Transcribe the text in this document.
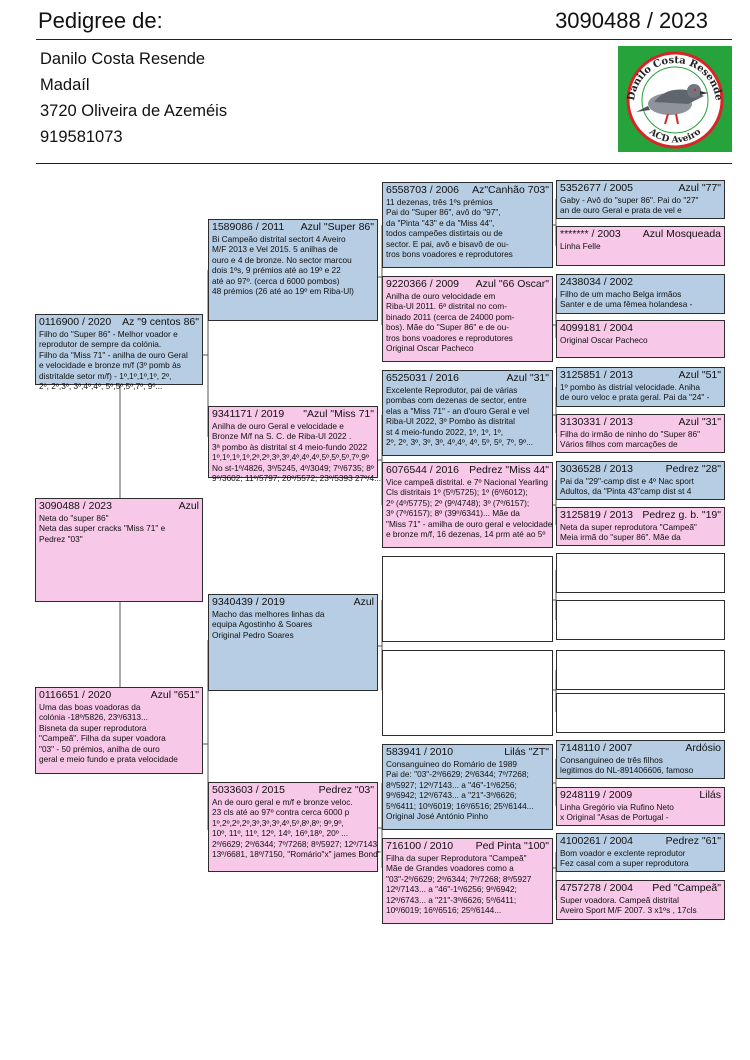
Pedigree de:	3090488 / 2023
Danilo Costa Resende
Madaíl
3720 Oliveira de Azeméis
919581073
Danilo Costa Resende
ACD Aveiro
0116900 / 2020	Az "9 centos 86"
Filho do "Super 86" - Melhor voador e
reprodutor de sempre da colónia.
Filho da "Miss 71" - anilha de ouro Geral
e velocidade e bronze m/f (3º pomb às
distritalde setor m/f) - 1º,1º,1º,1º, 2º,
2º, 2º,3º, 3º,4º,4º, 5º,5º,5º,7º, 9º...
3090488 / 2023	Azul
Neta do "super 86"
Neta das super cracks "Miss 71" e
Pedrez "03"
0116651 / 2020	Azul "651"
Uma das boas voadoras da
colónia -18º/5826, 23º/6313...
Bisneta da super reprodutora
"Campeã". Filha da super voadora
"03" - 50 prémios, anilha de ouro
geral e meio fundo e prata velocidade
1589086 / 2011	Azul "Super 86"
Bi Campeão distrital sectort 4 Aveiro
M/F 2013 e Vel 2015. 5 anilhas de
ouro e 4 de bronze. No sector marcou
dois 1ºs, 9 prémios até ao 19º e 22
até ao 97º. (cerca d 6000 pombos)
48 prémios (26 até ao 19º em Riba-Ul)
9341171 / 2019	"Azul "Miss 71"
Anilha de ouro Geral e velocidade e
Bronze M/f na S. C. de Riba-Ul 2022 .
3ª pombo às distrital st 4 meio-fundo 2022
1º,1º,1º,1º,2º,2º,3º,3º,4º,4º,4º,5º,5º,5º,7º,9º
No st-1º/4826, 3º/5245, 4º/3049; 7º/6735; 8º
9º/3602; 11º/5797; 20º/5572; 23º/5393 27º/4...
9340439 / 2019	Azul
Macho das melhores linhas da
equipa Agostinho & Soares
Original Pedro Soares
5033603 / 2015	Pedrez "03"
An de ouro geral e m/f e bronze veloc.
23 cls até ao 97º contra cerca 6000 p
1º,2º,2º,2º,3º,3º,3º,4º,5º,8º,8º; 9º,9º,
10º, 11º, 11º, 12º, 14º, 16º,18º, 20º ...
2º/6629; 2º/6344; 7º/7268; 8º/5927; 12º/7143
13º/6681, 18º/7150, "Romário"x" james Bond"
6558703 / 2006	Az"Canhão 703"
11 dezenas, três 1ºs prémios
Pai do "Super 86", avô do "97",
da "Pinta "43" e da "Miss 44",
todos campeões distirtais ou de
sector. E pai, avô e bisavô de ou-
tros bons voadores e reprodutores
9220366 / 2009	Azul "66 Oscar"
Anilha de ouro velocidade em
Riba-Ul 2011. 6ª distrital no com-
binado 2011 (cerca de 24000 pom-
bos). Mãe do "Super 86" e de ou-
tros bons voadores e reprodutores
Original Oscar Pacheco
6525031 / 2016	Azul "31"
Excelente Reprodutor, pai de várias
pombas com dezenas de sector, entre
elas a "Miss 71" - an d'ouro Geral e vel
Riba-Ul 2022, 3º Pombo às distrital
st 4 meio-fundo 2022, 1º, 1º, 1º,
2º, 2º, 3º, 3º, 3º, 4º,4º, 4º, 5º, 5º, 7º, 9º...
6076544 / 2016 Pedrez "Miss 44"
Vice campeã distrital. e 7º Nacional Yearling
Cls distritais 1º (5º/5725); 1º (6º/6012);
2º (4º/5775); 2º (9º/4748); 3º (7º/6157);
3º (7º/6157); 8º (39º/6341)... Mãe da
"Miss 71" - amilha de ouro geral e velocidade
e bronze m/f, 16 dezenas, 14 prm até ao 5º
583941 / 2010	Lilás "ZT"
Consanguineo do Romário de 1989
Pai de: "03"-2º/6629; 2º/6344; 7º/7268;
8º/5927; 12º/7143... a "46"-1º/6256;
9º/6942; 12º/6743... a "21"-3º/6626;
5º/6411; 10º/6019; 16º/6516; 25º/6144...
Original José António Pinho
716100 / 2010	Ped Pinta "100"
Filha da super Reprodutora "Campeã"
Mãe de Grandes voadores como a
"03"-2º/6629; 2º/6344; 7º/7268; 8º/5927
12º/7143... a "46"-1º/6256; 9º/6942;
12º/6743... a "21"-3º/6626; 5º/6411;
10º/6019; 16º/6516; 25º/6144...
5352677 / 2005	Azul "77"
Gaby - Avô do "super 86". Pai do "27"
an de ouro Geral e prata de vel e
******* / 2003	Azul Mosqueada
Linha Felle
2438034 / 2002
Filho de um macho Belga irmãos
Santer e de uma fêmea holandesa -
4099181 / 2004
Original Oscar Pacheco
3125851 / 2013	Azul "51"
1º pombo às distrial velocidade. Aniha
de ouro veloc e prata geral. Pai da "24" -
3130331 / 2013	Azul "31"
Filha do irmão de ninho do "Super 86"
Vários filhos com marcações de
3036528 / 2013	Pedrez "28"
Pai da "29"-camp dist e 4º Nac sport
Adultos, da "Pinta 43"camp dist st 4
3125819 / 2013 Pedrez g. b. "19"
Neta da super reprodutora "Campeã"
Meia irmã do "super 86". Mãe da
7148110 / 2007	Ardósio
Consanguineo de três filhos
legitimos do NL-891406606, famoso
9248119 / 2009	Lilás
Linha Gregório via Rufino Neto
x Original "Asas de Portugal -
4100261 / 2004	Pedrez "61"
Bom voador e exclente reprodutor
Fez casal com a super reprodutora
4757278 / 2004	Ped "Campeã"
Super voadora. Campeã distrital
Aveiro Sport M/F 2007. 3 x1ºs , 17cls
